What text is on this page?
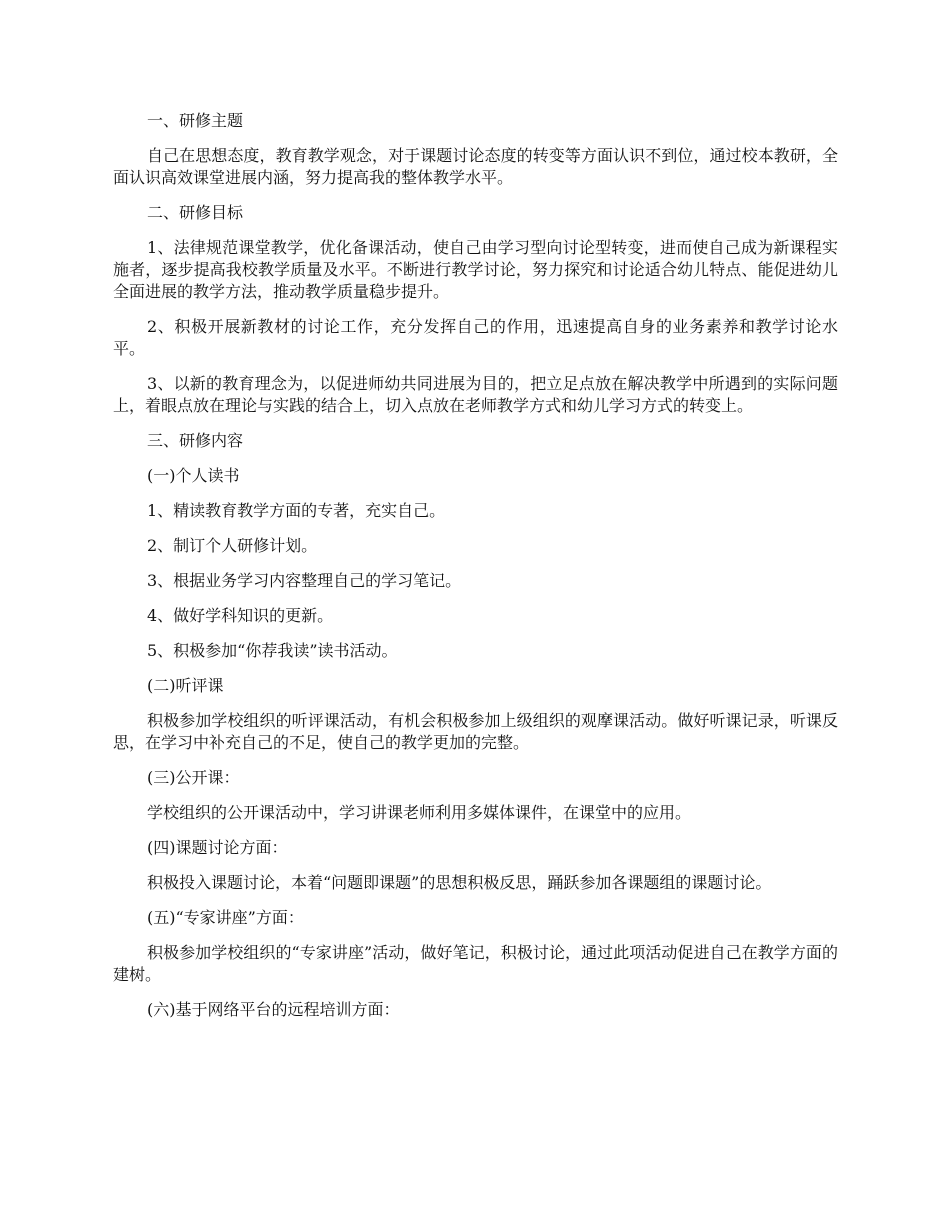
一、研修主题

自己在思想态度，教育教学观念，对于课题讨论态度的转变等方面认识不到位，通过校本教研，全面认识高效课堂进展内涵，努力提高我的整体教学水平。

二、研修目标

1、法律规范课堂教学，优化备课活动，使自己由学习型向讨论型转变，进而使自己成为新课程实施者，逐步提高我校教学质量及水平。不断进行教学讨论，努力探究和讨论适合幼儿特点、能促进幼儿全面进展的教学方法，推动教学质量稳步提升。

2、积极开展新教材的讨论工作，充分发挥自己的作用，迅速提高自身的业务素养和教学讨论水平。

3、以新的教育理念为，以促进师幼共同进展为目的，把立足点放在解决教学中所遇到的实际问题上，着眼点放在理论与实践的结合上，切入点放在老师教学方式和幼儿学习方式的转变上。

三、研修内容

(一)个人读书

1、精读教育教学方面的专著，充实自己。

2、制订个人研修计划。

3、根据业务学习内容整理自己的学习笔记。

4、做好学科知识的更新。

5、积极参加“你荐我读”读书活动。

(二)听评课

积极参加学校组织的听评课活动，有机会积极参加上级组织的观摩课活动。做好听课记录，听课反思，在学习中补充自己的不足，使自己的教学更加的完整。

(三)公开课：

学校组织的公开课活动中，学习讲课老师利用多媒体课件，在课堂中的应用。

(四)课题讨论方面：

积极投入课题讨论，本着“问题即课题”的思想积极反思，踊跃参加各课题组的课题讨论。

(五)“专家讲座”方面：

积极参加学校组织的“专家讲座”活动，做好笔记，积极讨论，通过此项活动促进自己在教学方面的建树。

(六)基于网络平台的远程培训方面：
